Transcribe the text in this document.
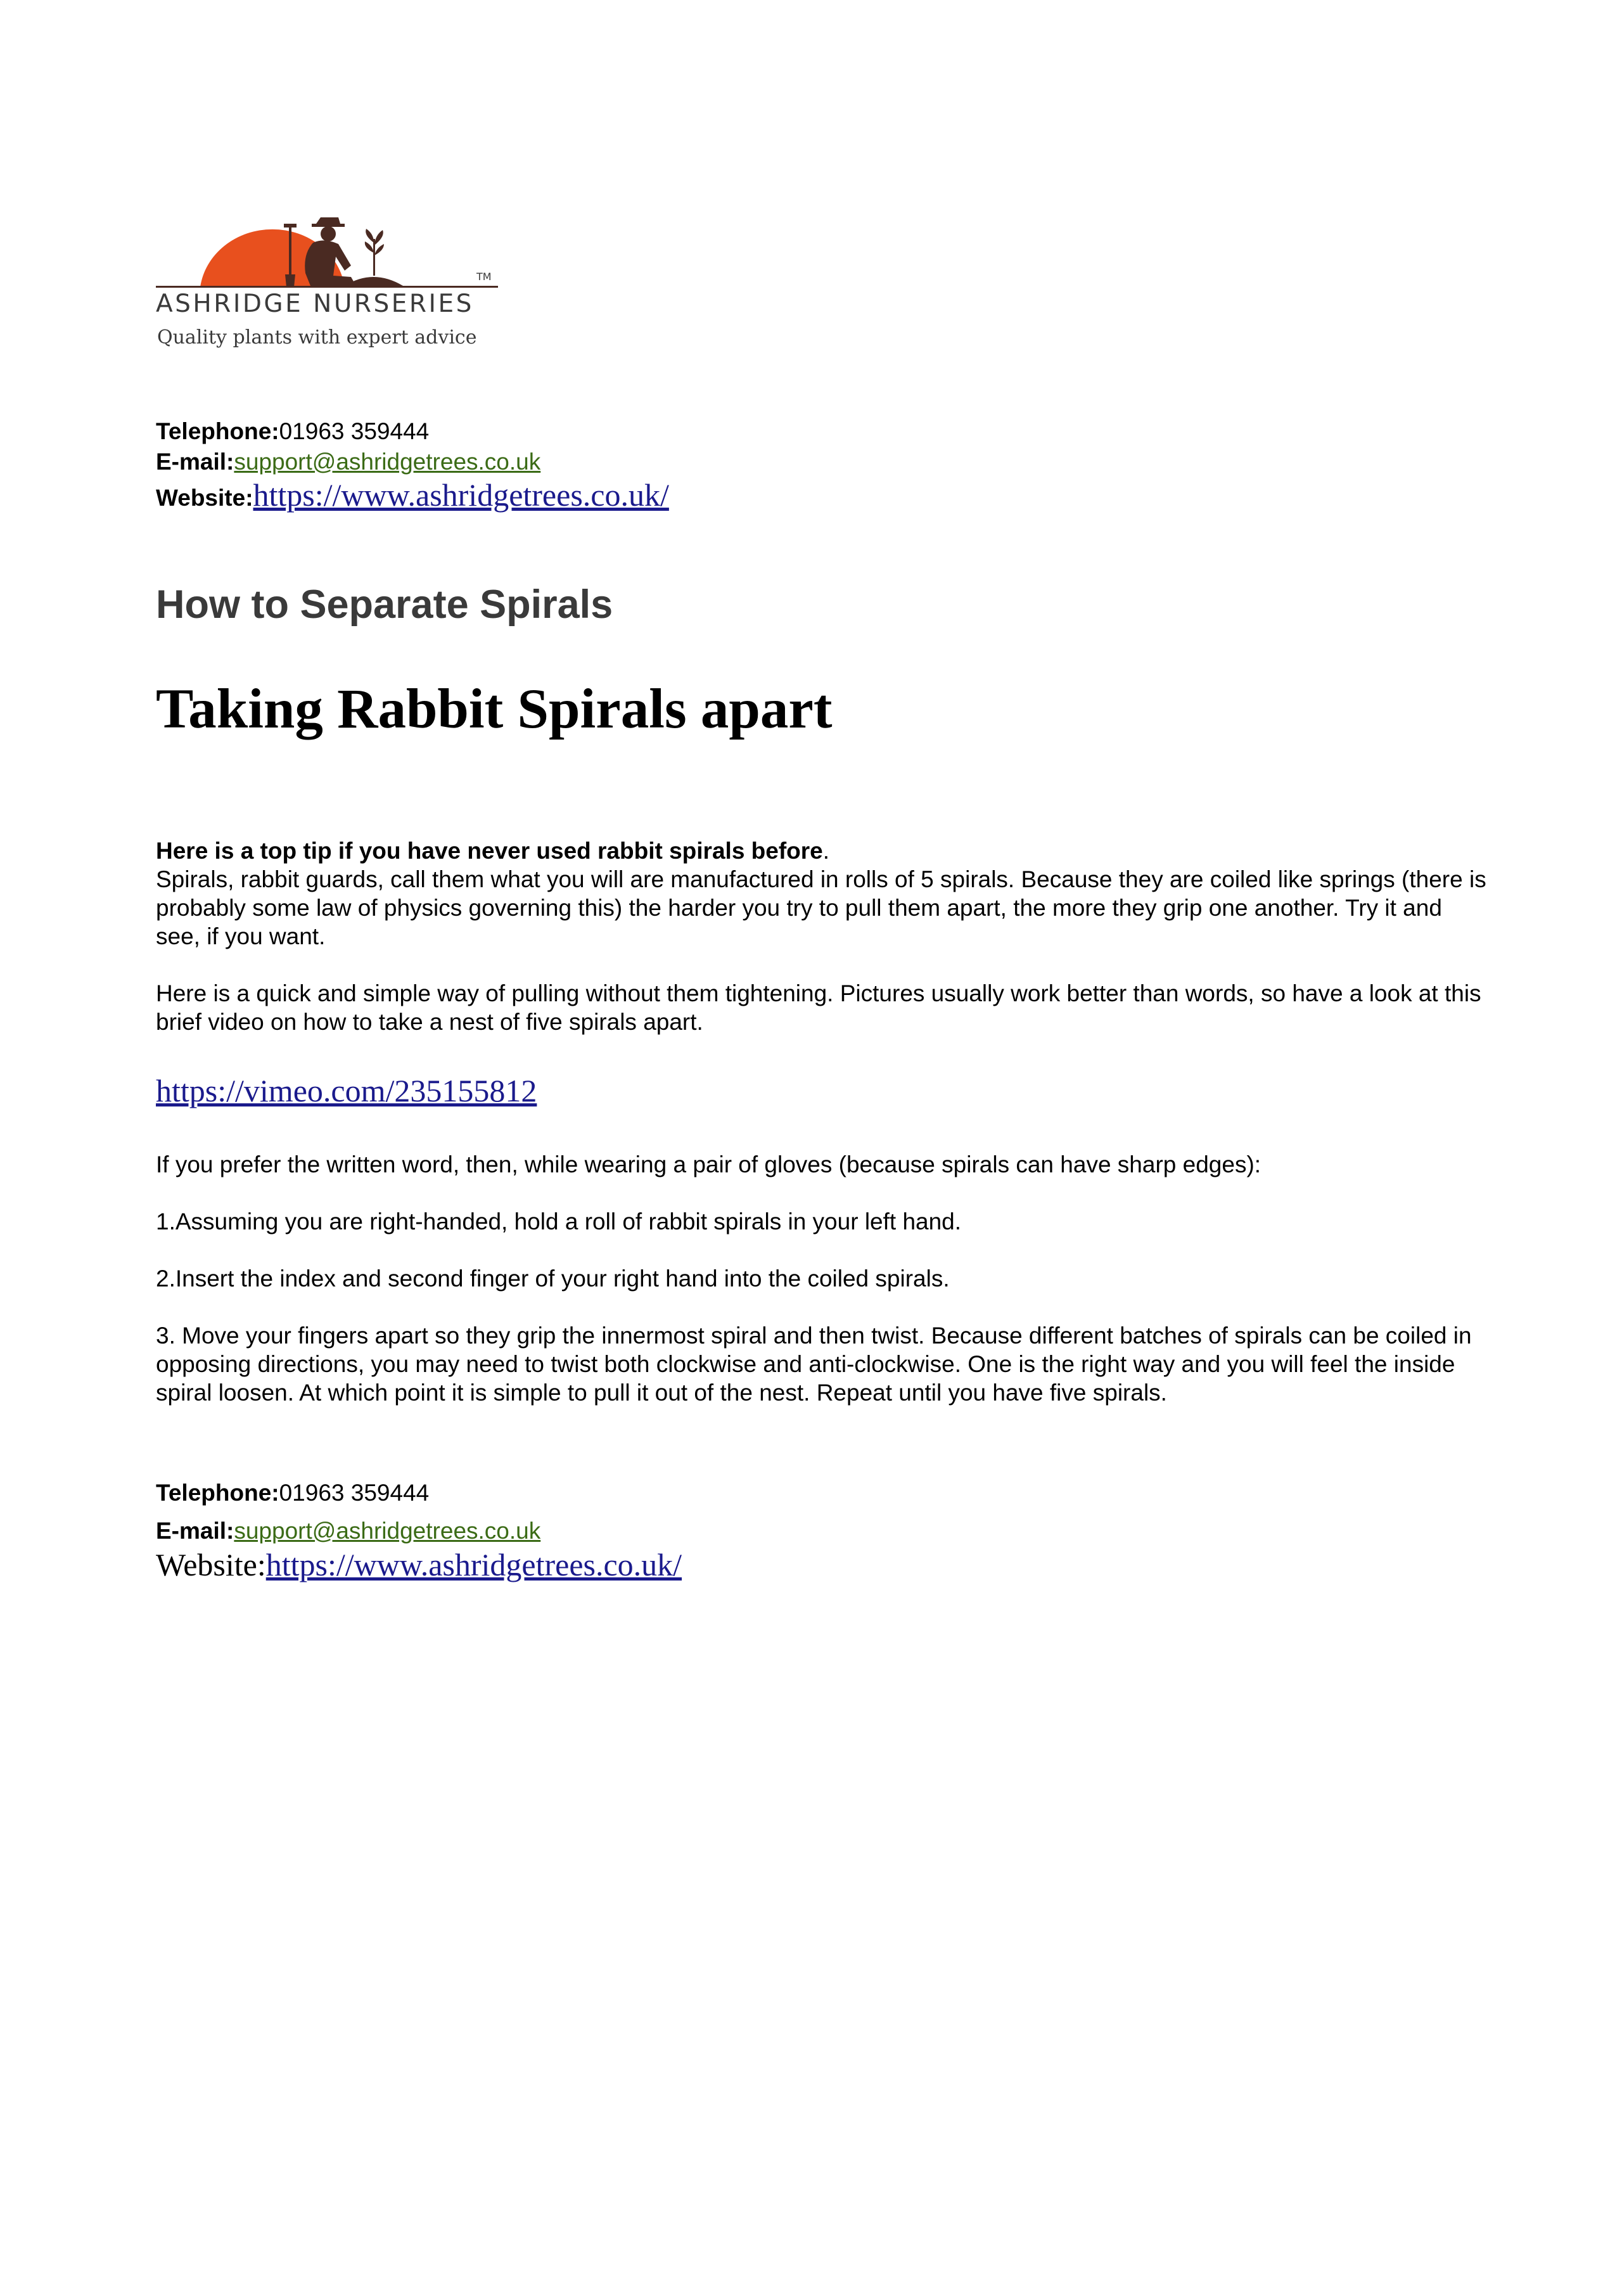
TM
ASHRIDGE NURSERIES
Quality plants with expert advice
Telephone:01963 359444
E-mail:support@ashridgetrees.co.uk
Website:https://www.ashridgetrees.co.uk/
How to Separate Spirals
Taking Rabbit Spirals apart

Here is a top tip if you have never used rabbit spirals before.

Spirals, rabbit guards, call them what you will are manufactured in rolls of 5 spirals. Because they are coiled like springs (there is probably some law of physics governing this) the harder you try to pull them apart, the more they grip one another. Try it and see, if you want.

Here is a quick and simple way of pulling without them tightening. Pictures usually work better than words, so have a look at this brief video on how to take a nest of five spirals apart.
https://vimeo.com/235155812
If you prefer the written word, then, while wearing a pair of gloves (because spirals can have sharp edges):
1.Assuming you are right-handed, hold a roll of rabbit spirals in your left hand.
2.Insert the index and second finger of your right hand into the coiled spirals.
3. Move your fingers apart so they grip the innermost spiral and then twist. Because different batches of spirals can be coiled in opposing directions, you may need to twist both clockwise and anti-clockwise. One is the right way and you will feel the inside spiral loosen. At which point it is simple to pull it out of the nest. Repeat until you have five spirals.
Telephone:01963 359444
E-mail:support@ashridgetrees.co.uk
Website:https://www.ashridgetrees.co.uk/
